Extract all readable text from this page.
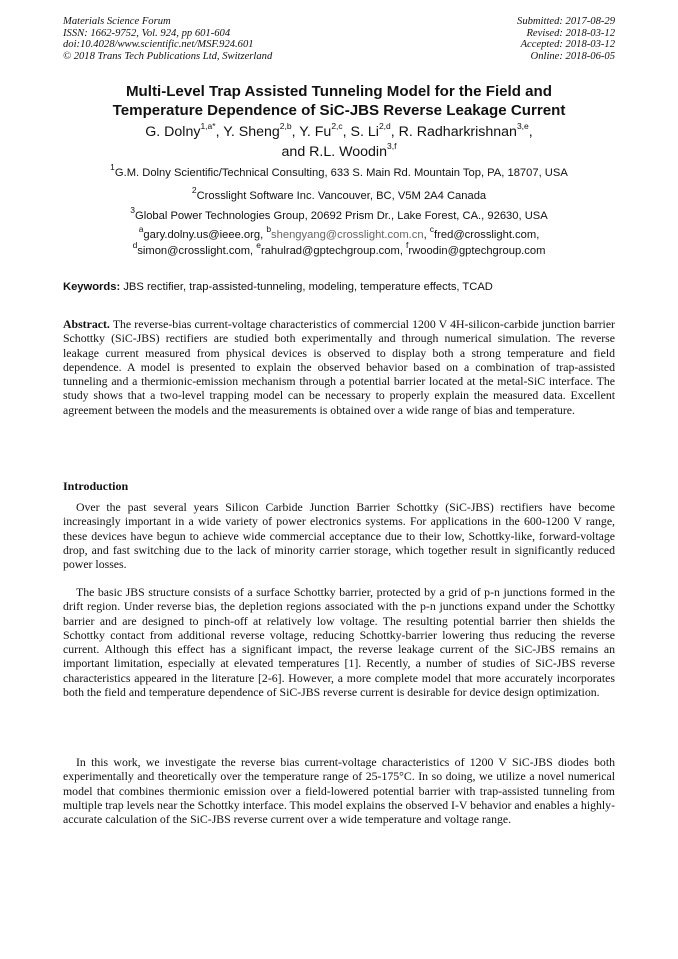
Materials Science Forum
ISSN: 1662-9752, Vol. 924, pp 601-604
doi:10.4028/www.scientific.net/MSF.924.601
© 2018 Trans Tech Publications Ltd, Switzerland
Submitted: 2017-08-29
Revised: 2018-03-12
Accepted: 2018-03-12
Online: 2018-06-05
Multi-Level Trap Assisted Tunneling Model for the Field and
Temperature Dependence of SiC-JBS Reverse Leakage Current
G. Dolny$^{1,a*}$, Y. Sheng$^{2,b}$, Y. Fu$^{2,c}$, S. Li$^{2,d}$, R. Radharkrishnan$^{3,e}$,
and R.L. Woodin$^{3,f}$
$^1$G.M. Dolny Scientific/Technical Consulting, 633 S. Main Rd. Mountain Top, PA, 18707, USA
$^2$Crosslight Software Inc. Vancouver, BC, V5M 2A4 Canada
$^3$Global Power Technologies Group, 20692 Prism Dr., Lake Forest, CA., 92630, USA
$^a$gary.dolny.us@ieee.org, $^b$shengyang@crosslight.com.cn, $^c$fred@crosslight.com,
$^d$simon@crosslight.com, $^e$rahulrad@gptechgroup.com, $^f$rwoodin@gptechgroup.com
Keywords: JBS rectifier, trap-assisted-tunneling, modeling, temperature effects, TCAD

Abstract. The reverse-bias current-voltage characteristics of commercial 1200 V 4H-silicon-carbide junction barrier Schottky (SiC-JBS) rectifiers are studied both experimentally and through numerical simulation. The reverse leakage current measured from physical devices is observed to display both a strong temperature and field dependence. A model is presented to explain the observed behavior based on a combination of trap-assisted tunneling and a thermionic-emission mechanism through a potential barrier located at the metal-SiC interface. The study shows that a two-level trapping model can be necessary to properly explain the measured data. Excellent agreement between the models and the measurements is obtained over a wide range of bias and temperature.

Introduction

Over the past several years Silicon Carbide Junction Barrier Schottky (SiC-JBS) rectifiers have become increasingly important in a wide variety of power electronics systems. For applications in the 600-1200 V range, these devices have begun to achieve wide commercial acceptance due to their low, Schottky-like, forward-voltage drop, and fast switching due to the lack of minority carrier storage, which together result in significantly reduced power losses.

The basic JBS structure consists of a surface Schottky barrier, protected by a grid of p-n junctions formed in the drift region. Under reverse bias, the depletion regions associated with the p-n junctions expand under the Schottky barrier and are designed to pinch-off at relatively low voltage. The resulting potential barrier then shields the Schottky contact from additional reverse voltage, reducing Schottky-barrier lowering thus reducing the reverse current. Although this effect has a significant impact, the reverse leakage current of the SiC-JBS remains an important limitation, especially at elevated temperatures [1]. Recently, a number of studies of SiC-JBS reverse characteristics appeared in the literature [2-6]. However, a more complete model that more accurately incorporates both the field and temperature dependence of SiC-JBS reverse current is desirable for device design optimization.

In this work, we investigate the reverse bias current-voltage characteristics of 1200 V SiC-JBS diodes both experimentally and theoretically over the temperature range of 25-175°C. In so doing, we utilize a novel numerical model that combines thermionic emission over a field-lowered potential barrier with trap-assisted tunneling from multiple trap levels near the Schottky interface. This model explains the observed I-V behavior and enables a highly-accurate calculation of the SiC-JBS reverse current over a wide temperature and voltage range.
